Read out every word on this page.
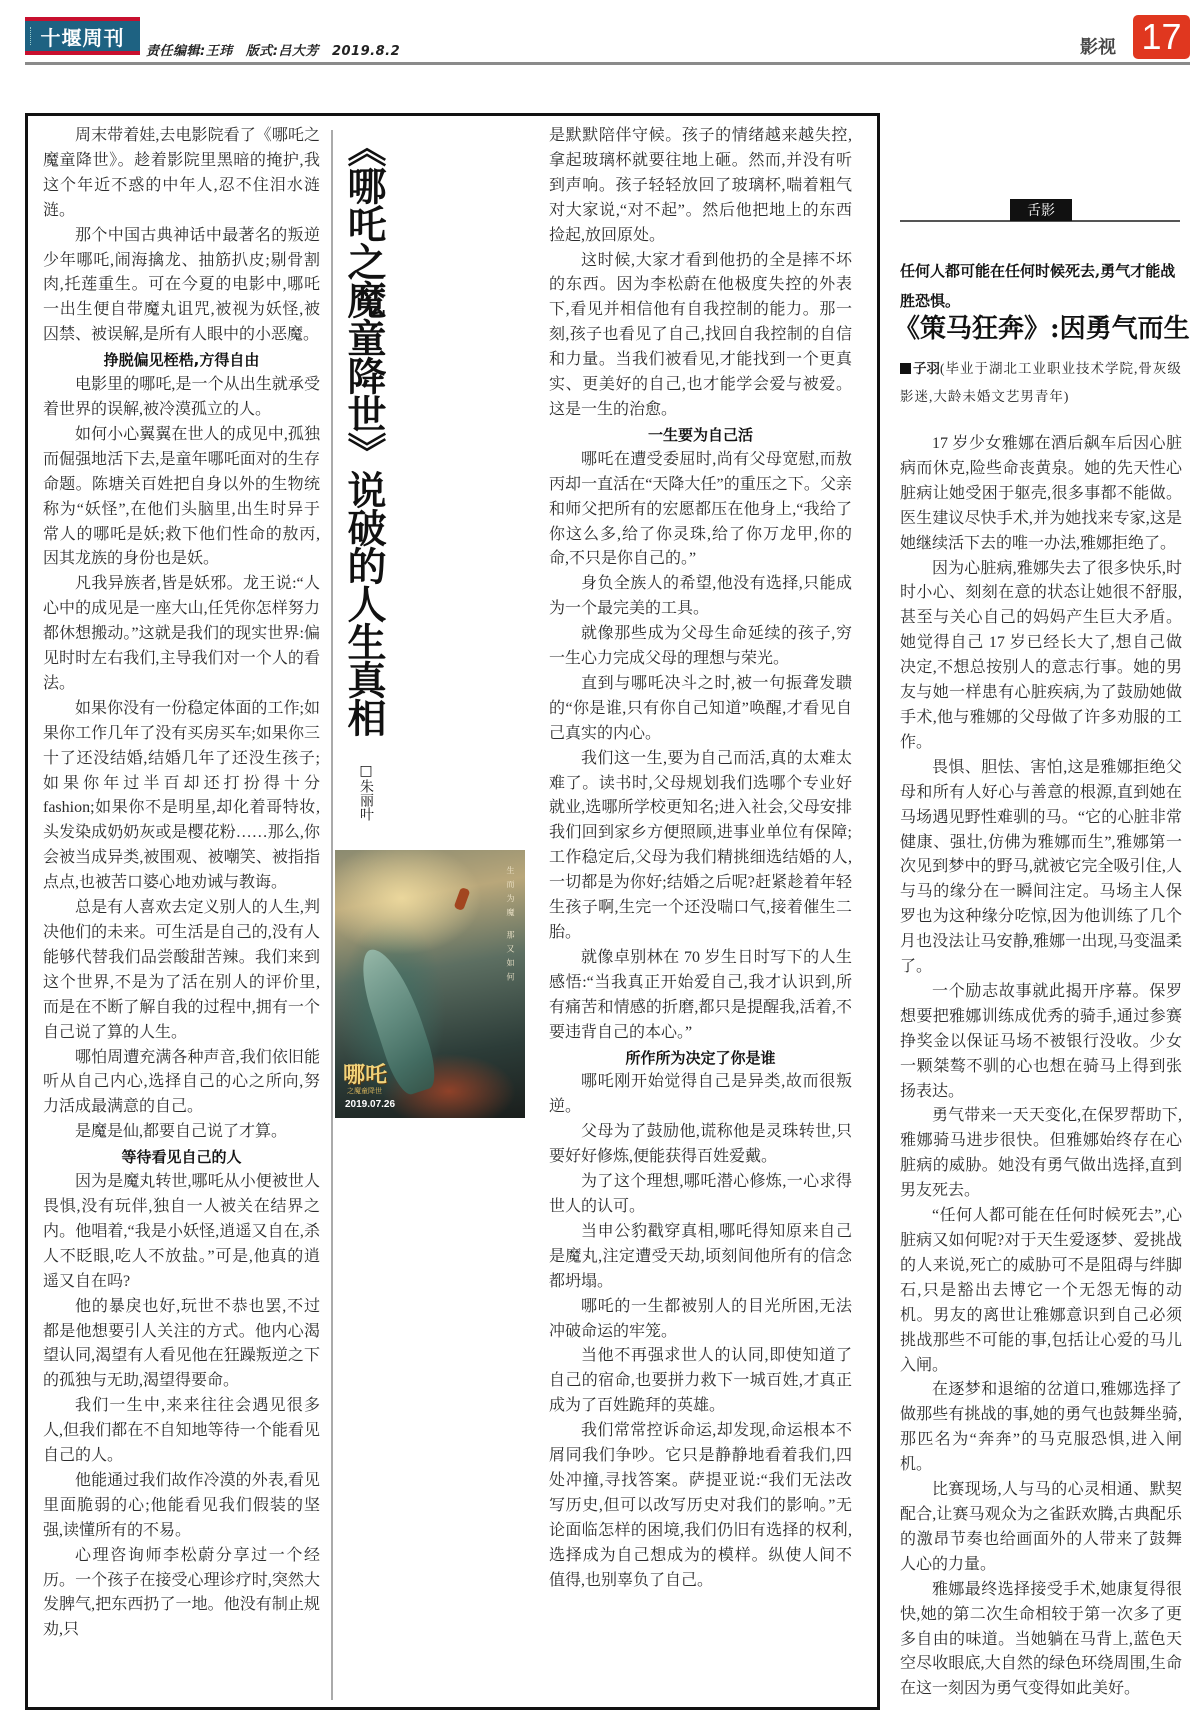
十堰周刊
责任编辑:王玮 版式:吕大芳 2019.8.2	影视 17

周末带着娃,去电影院看了《哪吒之魔童降世》。趁着影院里黑暗的掩护,我这个年近不惑的中年人,忍不住泪水涟涟。

那个中国古典神话中最著名的叛逆少年哪吒,闹海擒龙、抽筋扒皮;剔骨割肉,托莲重生。可在今夏的电影中,哪吒一出生便自带魔丸诅咒,被视为妖怪,被囚禁、被误解,是所有人眼中的小恶魔。

挣脱偏见桎梏,方得自由

电影里的哪吒,是一个从出生就承受着世界的误解,被冷漠孤立的人。

如何小心翼翼在世人的成见中,孤独而倔强地活下去,是童年哪吒面对的生存命题。陈塘关百姓把自身以外的生物统称为“妖怪”,在他们头脑里,出生时异于常人的哪吒是妖;救下他们性命的敖丙,因其龙族的身份也是妖。

凡我异族者,皆是妖邪。龙王说:“人心中的成见是一座大山,任凭你怎样努力都休想搬动。”这就是我们的现实世界:偏见时时左右我们,主导我们对一个人的看法。

如果你没有一份稳定体面的工作;如果你工作几年了没有买房买车;如果你三十了还没结婚,结婚几年了还没生孩子;如果你年过半百却还打扮得十分 fashion;如果你不是明星,却化着哥特妆,头发染成奶奶灰或是樱花粉……那么,你会被当成异类,被围观、被嘲笑、被指指点点,也被苦口婆心地劝诫与教诲。

总是有人喜欢去定义别人的人生,判决他们的未来。可生活是自己的,没有人能够代替我们品尝酸甜苦辣。我们来到这个世界,不是为了活在别人的评价里,而是在不断了解自我的过程中,拥有一个自己说了算的人生。

哪怕周遭充满各种声音,我们依旧能听从自己内心,选择自己的心之所向,努力活成最满意的自己。

是魔是仙,都要自己说了才算。

等待看见自己的人

因为是魔丸转世,哪吒从小便被世人畏惧,没有玩伴,独自一人被关在结界之内。他唱着,“我是小妖怪,逍遥又自在,杀人不眨眼,吃人不放盐。”可是,他真的逍遥又自在吗?

他的暴戾也好,玩世不恭也罢,不过都是他想要引人关注的方式。他内心渴望认同,渴望有人看见他在狂躁叛逆之下的孤独与无助,渴望得要命。

我们一生中,来来往往会遇见很多人,但我们都在不自知地等待一个能看见自己的人。

他能通过我们故作冷漠的外表,看见里面脆弱的心;他能看见我们假装的坚强,读懂所有的不易。

心理咨询师李松蔚分享过一个经历。一个孩子在接受心理诊疗时,突然大发脾气,把东西扔了一地。他没有制止规劝,只

《哪吒之魔童降世》说破的人生真相
□朱丽叶
生而为魔 那又如何
哪吒
之魔童降世
2019.07.26

是默默陪伴守候。孩子的情绪越来越失控,拿起玻璃杯就要往地上砸。然而,并没有听到声响。孩子轻轻放回了玻璃杯,喘着粗气对大家说,“对不起”。然后他把地上的东西捡起,放回原处。

这时候,大家才看到他扔的全是摔不坏的东西。因为李松蔚在他极度失控的外表下,看见并相信他有自我控制的能力。那一刻,孩子也看见了自己,找回自我控制的自信和力量。当我们被看见,才能找到一个更真实、更美好的自己,也才能学会爱与被爱。这是一生的治愈。

一生要为自己活

哪吒在遭受委屈时,尚有父母宽慰,而敖丙却一直活在“天降大任”的重压之下。父亲和师父把所有的宏愿都压在他身上,“我给了你这么多,给了你灵珠,给了你万龙甲,你的命,不只是你自己的。”

身负全族人的希望,他没有选择,只能成为一个最完美的工具。

就像那些成为父母生命延续的孩子,穷一生心力完成父母的理想与荣光。

直到与哪吒决斗之时,被一句振聋发聩的“你是谁,只有你自己知道”唤醒,才看见自己真实的内心。

我们这一生,要为自己而活,真的太难太难了。读书时,父母规划我们选哪个专业好就业,选哪所学校更知名;进入社会,父母安排我们回到家乡方便照顾,进事业单位有保障;工作稳定后,父母为我们精挑细选结婚的人,一切都是为你好;结婚之后呢?赶紧趁着年轻生孩子啊,生完一个还没喘口气,接着催生二胎。

就像卓别林在 70 岁生日时写下的人生感悟:“当我真正开始爱自己,我才认识到,所有痛苦和情感的折磨,都只是提醒我,活着,不要违背自己的本心。”

所作所为决定了你是谁

哪吒刚开始觉得自己是异类,故而很叛逆。

父母为了鼓励他,谎称他是灵珠转世,只要好好修炼,便能获得百姓爱戴。

为了这个理想,哪吒潜心修炼,一心求得世人的认可。

当申公豹戳穿真相,哪吒得知原来自己是魔丸,注定遭受天劫,顷刻间他所有的信念都坍塌。

哪吒的一生都被别人的目光所困,无法冲破命运的牢笼。

当他不再强求世人的认同,即使知道了自己的宿命,也要拼力救下一城百姓,才真正成为了百姓跪拜的英雄。

我们常常控诉命运,却发现,命运根本不屑同我们争吵。它只是静静地看着我们,四处冲撞,寻找答案。萨提亚说:“我们无法改写历史,但可以改写历史对我们的影响。”无论面临怎样的困境,我们仍旧有选择的权利,选择成为自己想成为的模样。纵使人间不值得,也别辜负了自己。

舌影
任何人都可能在任何时候死去,勇气才能战胜恐惧。
《策马狂奔》:因勇气而生
子羽(毕业于湖北工业职业技术学院,骨灰级影迷,大龄未婚文艺男青年)

17 岁少女雅娜在酒后飙车后因心脏病而休克,险些命丧黄泉。她的先天性心脏病让她受困于躯壳,很多事都不能做。医生建议尽快手术,并为她找来专家,这是她继续活下去的唯一办法,雅娜拒绝了。

因为心脏病,雅娜失去了很多快乐,时时小心、刻刻在意的状态让她很不舒服,甚至与关心自己的妈妈产生巨大矛盾。她觉得自己 17 岁已经长大了,想自己做决定,不想总按别人的意志行事。她的男友与她一样患有心脏疾病,为了鼓励她做手术,他与雅娜的父母做了许多劝服的工作。

畏惧、胆怯、害怕,这是雅娜拒绝父母和所有人好心与善意的根源,直到她在马场遇见野性难驯的马。“它的心脏非常健康、强壮,仿佛为雅娜而生”,雅娜第一次见到梦中的野马,就被它完全吸引住,人与马的缘分在一瞬间注定。马场主人保罗也为这种缘分吃惊,因为他训练了几个月也没法让马安静,雅娜一出现,马变温柔了。

一个励志故事就此揭开序幕。保罗想要把雅娜训练成优秀的骑手,通过参赛挣奖金以保证马场不被银行没收。少女一颗桀骜不驯的心也想在骑马上得到张扬表达。

勇气带来一天天变化,在保罗帮助下,雅娜骑马进步很快。但雅娜始终存在心脏病的威胁。她没有勇气做出选择,直到男友死去。

“任何人都可能在任何时候死去”,心脏病又如何呢?对于天生爱逐梦、爱挑战的人来说,死亡的威胁可不是阻碍与绊脚石,只是豁出去博它一个无怨无悔的动机。男友的离世让雅娜意识到自己必须挑战那些不可能的事,包括让心爱的马儿入闸。

在逐梦和退缩的岔道口,雅娜选择了做那些有挑战的事,她的勇气也鼓舞坐骑,那匹名为“奔奔”的马克服恐惧,进入闸机。

比赛现场,人与马的心灵相通、默契配合,让赛马观众为之雀跃欢腾,古典配乐的激昂节奏也给画面外的人带来了鼓舞人心的力量。

雅娜最终选择接受手术,她康复得很快,她的第二次生命相较于第一次多了更多自由的味道。当她躺在马背上,蓝色天空尽收眼底,大自然的绿色环绕周围,生命在这一刻因为勇气变得如此美好。
